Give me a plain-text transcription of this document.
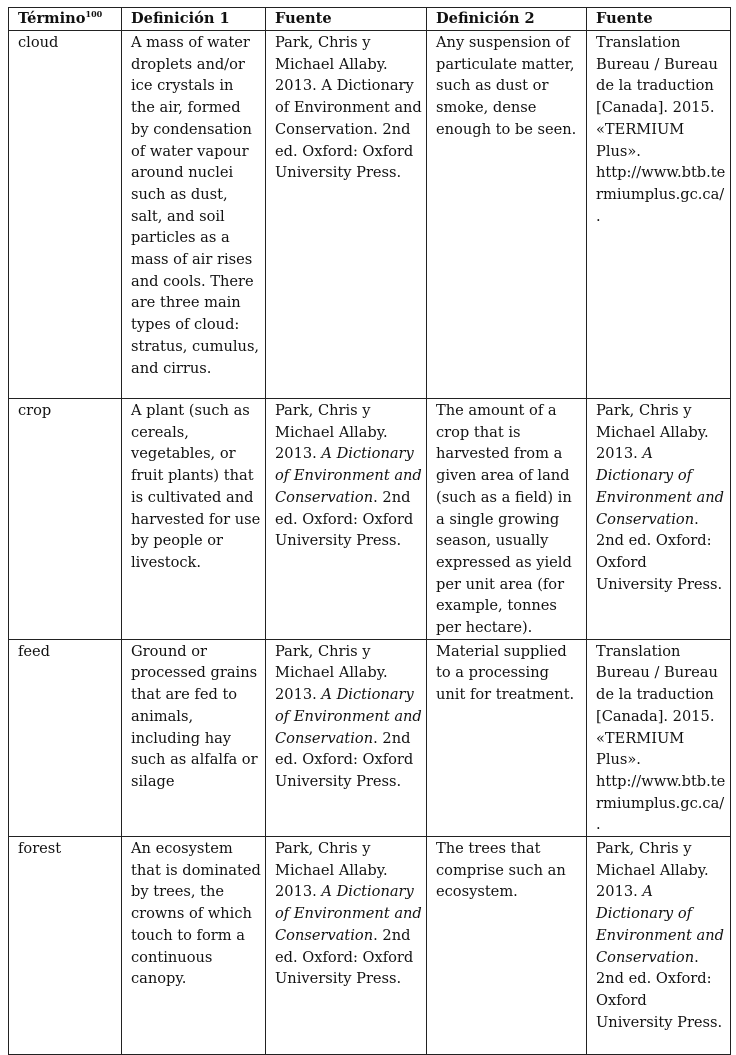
Término$^{100}$	Definición 1	Fuente	Definición 2	Fuente
cloud	A mass of water droplets and/or ice crystals in the air, formed by condensation of water vapour around nuclei such as dust, salt, and soil particles as a mass of air rises and cools. There are three main types of cloud: stratus, cumulus, and cirrus.	Park, Chris y Michael Allaby. 2013. A Dictionary of Environment and Conservation. 2nd ed. Oxford: Oxford University Press.	Any suspension of particulate matter, such as dust or smoke, dense enough to be seen.	Translation Bureau / Bureau de la traduction [Canada]. 2015. «TERMIUM Plus». http://www.btb.termiumplus.gc.ca/.
crop	A plant (such as cereals, vegetables, or fruit plants) that is cultivated and harvested for use by people or livestock.	Park, Chris y Michael Allaby. 2013. A Dictionary of Environment and Conservation. 2nd ed. Oxford: Oxford University Press.	The amount of a crop that is harvested from a given area of land (such as a field) in a single growing season, usually expressed as yield per unit area (for example, tonnes per hectare).	Park, Chris y Michael Allaby. 2013. A Dictionary of Environment and Conservation. 2nd ed. Oxford: Oxford University Press.
feed	Ground or processed grains that are fed to animals, including hay such as alfalfa or silage	Park, Chris y Michael Allaby. 2013. A Dictionary of Environment and Conservation. 2nd ed. Oxford: Oxford University Press.	Material supplied to a processing unit for treatment.	Translation Bureau / Bureau de la traduction [Canada]. 2015. «TERMIUM Plus». http://www.btb.termiumplus.gc.ca/.
forest	An ecosystem that is dominated by trees, the crowns of which touch to form a continuous canopy.	Park, Chris y Michael Allaby. 2013. A Dictionary of Environment and Conservation. 2nd ed. Oxford: Oxford University Press.	The trees that comprise such an ecosystem.	Park, Chris y Michael Allaby. 2013. A Dictionary of Environment and Conservation. 2nd ed. Oxford: Oxford University Press.
